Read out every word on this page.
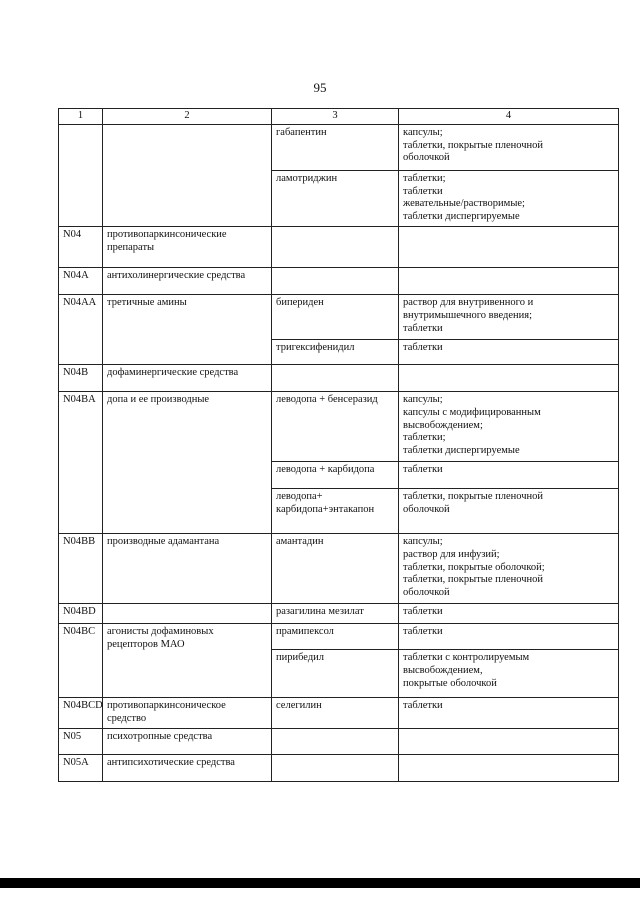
95
1	2	3	4
		габапентин	капсулы;
таблетки, покрытые пленочной
оболочкой

		ламотриджин	таблетки;
таблетки
жевательные/растворимые;
таблетки диспергируемые

N04	противопаркинсонические препараты		
N04A	антихолинергические средства		
N04AA	третичные амины	бипериден	раствор для внутривенного и
внутримышечного введения;
таблетки

		тригексифенидил	таблетки

N04B	дофаминергические средства		
N04BA	допа и ее производные	леводопа + бенсеразид	капсулы;
капсулы с модифицированным
высвобождением;
таблетки;
таблетки диспергируемые

		леводопа + карбидопа	таблетки

		леводопа+ карбидопа+энтакапон	таблетки, покрытые пленочной
оболочкой

N04BB	производные адамантана	амантадин	капсулы;
раствор для инфузий;
таблетки, покрытые оболочкой;
таблетки, покрытые пленочной
оболочкой

N04BD		разагилина мезилат	таблетки

N04BC	агонисты дофаминовых рецепторов МАО	прамипексол	таблетки

		пирибедил	таблетки с контролируемым
высвобождением,
покрытые оболочкой

N04BCD	противопаркинсоническое средство	селегилин	таблетки

N05	психотропные средства		
N05A	антипсихотические средства		
